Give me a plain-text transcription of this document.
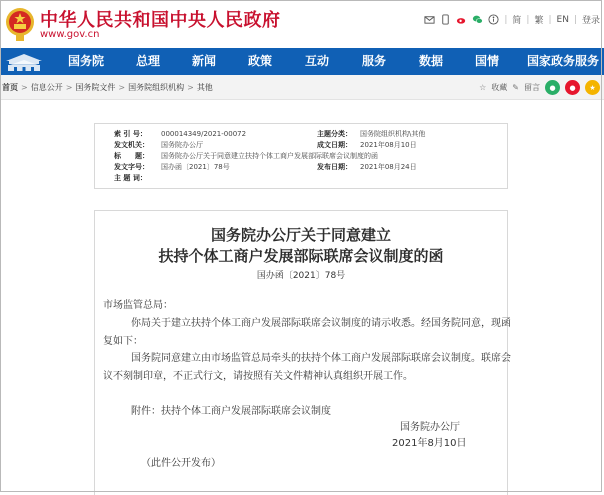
中华人民共和国中央人民政府
www.gov.cn
| 简 | 繁 | EN | 登录
国务院	总理	新闻	政策	互动	服务	数据	国情	国家政务服务
首页 > 信息公开 > 国务院文件 > 国务院组织机构 > 其他	☆ 收藏 ✎ 留言	●	●	★
索 引 号： 000014349/2021-00072	主题分类： 国务院组织机构\其他
发文机关： 国务院办公厅	成文日期： 2021年08月10日
标　　题： 国务院办公厅关于同意建立扶持个体工商户发展部际联席会议制度的函
发文字号： 国办函〔2021〕78号	发布日期： 2021年08月24日
主 题 词：
国务院办公厅关于同意建立
扶持个体工商户发展部际联席会议制度的函
国办函〔2021〕78号
市场监管总局：
你局关于建立扶持个体工商户发展部际联席会议制度的请示收悉。经国务院同意，现函
复如下：
国务院同意建立由市场监管总局牵头的扶持个体工商户发展部际联席会议制度。联席会
议不刻制印章，不正式行文，请按照有关文件精神认真组织开展工作。
附件：扶持个体工商户发展部际联席会议制度
国务院办公厅
2021年8月10日
（此件公开发布）
